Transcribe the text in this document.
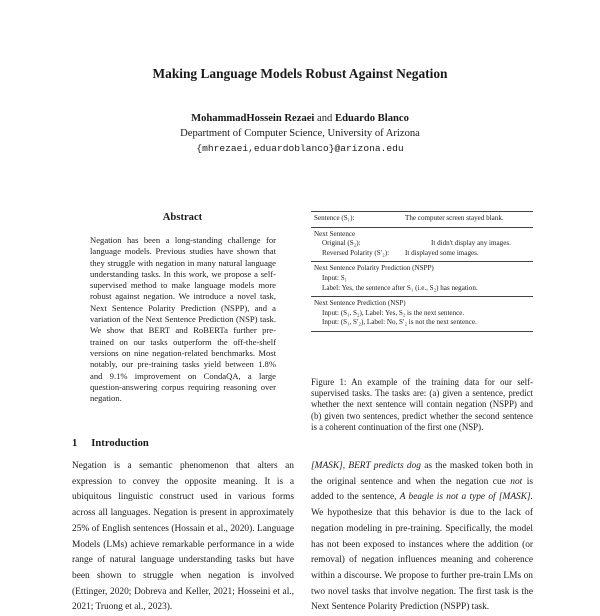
Making Language Models Robust Against Negation
MohammadHossein Rezaei and Eduardo Blanco
Department of Computer Science, University of Arizona
{mhrezaei,eduardoblanco}@arizona.edu
Abstract
Negation has been a long-standing challenge for language models. Previous studies have shown that they struggle with negation in many natural language understanding tasks. In this work, we propose a self-supervised method to make language models more robust against negation. We introduce a novel task, Next Sentence Polarity Prediction (NSPP), and a variation of the Next Sentence Prediction (NSP) task. We show that BERT and RoBERTa further pre-trained on our tasks outperform the off-the-shelf versions on nine negation-related benchmarks. Most notably, our pre-training tasks yield between 1.8% and 9.1% improvement on CondaQA, a large question-answering corpus requiring reasoning over negation.
Sentence (S₁):	The computer screen stayed blank.
Next Sentence
Original (S₂):	It didn't display any images.
Reversed Polarity (S′₂):	It displayed some images.
Next Sentence Polarity Prediction (NSPP)
Input: S₁
Label: Yes, the sentence after S₁ (i.e., S₂) has negation.
Next Sentence Prediction (NSP)
Input: (S₁, S₂), Label: Yes, S₂ is the next sentence.
Input: (S₁, S′₂), Label: No, S′₂ is not the next sentence.
Figure 1: An example of the training data for our self-supervised tasks. The tasks are: (a) given a sentence, predict whether the next sentence will contain negation (NSPP) and (b) given two sentences, predict whether the second sentence is a coherent continuation of the first one (NSP).
1 Introduction
Negation is a semantic phenomenon that alters an expression to convey the opposite meaning. It is a ubiquitous linguistic construct used in various forms across all languages. Negation is present in approximately 25% of English sentences (Hossain et al., 2020). Language Models (LMs) achieve remarkable performance in a wide range of natural language understanding tasks but have been shown to struggle when negation is involved (Ettinger, 2020; Dobreva and Keller, 2021; Hosseini et al., 2021; Truong et al., 2023).
[MASK], BERT predicts dog as the masked token both in the original sentence and when the negation cue not is added to the sentence, A beagle is not a type of [MASK]. We hypothesize that this behavior is due to the lack of negation modeling in pre-training. Specifically, the model has not been exposed to instances where the addition (or removal) of negation influences meaning and coherence within a discourse. We propose to further pre-train LMs on two novel tasks that involve negation. The first task is the Next Sentence Polarity Prediction (NSPP) task.
